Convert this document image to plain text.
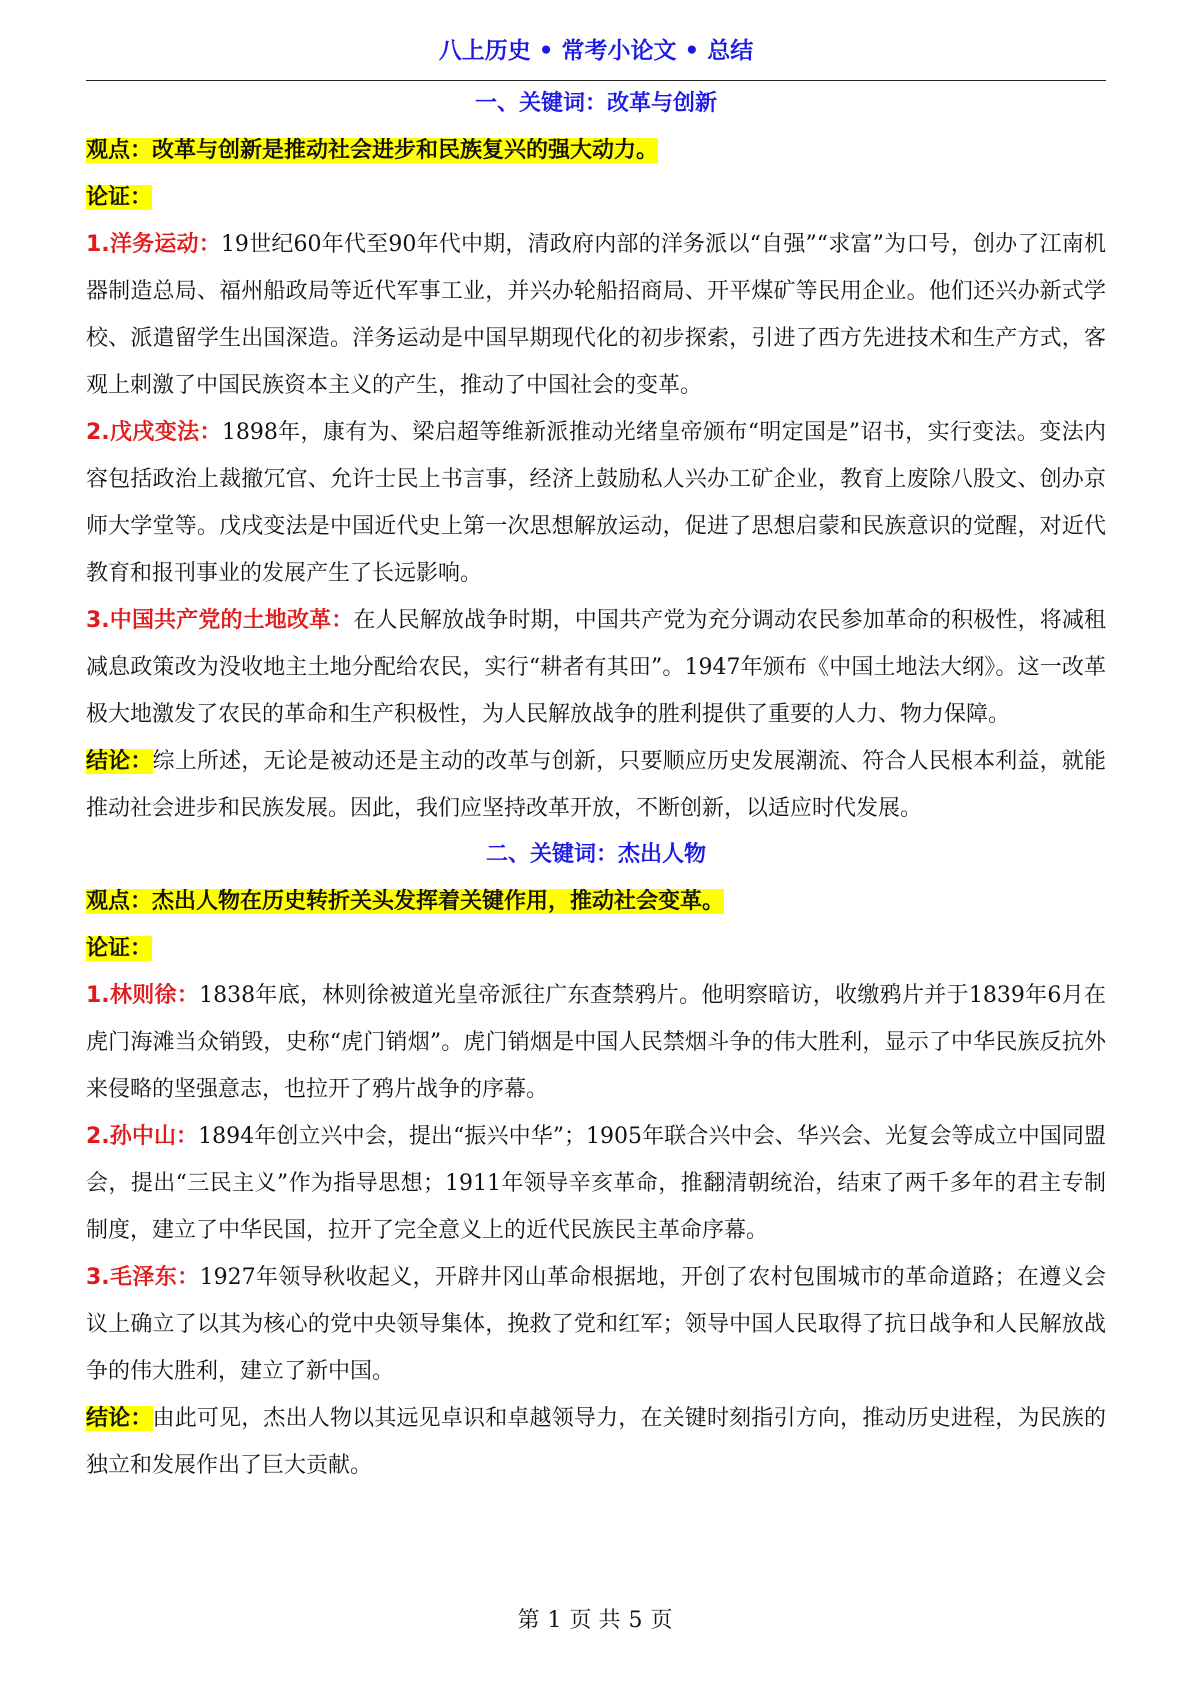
八上历史 • 常考小论文 • 总结
一、关键词：改革与创新

观点：改革与创新是推动社会进步和民族复兴的强大动力。

论证：

1.洋务运动：19世纪60年代至90年代中期，清政府内部的洋务派以“自强”“求富”为口号，创办了江南机器制造总局、福州船政局等近代军事工业，并兴办轮船招商局、开平煤矿等民用企业。他们还兴办新式学校、派遣留学生出国深造。洋务运动是中国早期现代化的初步探索，引进了西方先进技术和生产方式，客观上刺激了中国民族资本主义的产生，推动了中国社会的变革。

2.戊戌变法：1898年，康有为、梁启超等维新派推动光绪皇帝颁布“明定国是”诏书，实行变法。变法内容包括政治上裁撤冗官、允许士民上书言事，经济上鼓励私人兴办工矿企业，教育上废除八股文、创办京师大学堂等。戊戌变法是中国近代史上第一次思想解放运动，促进了思想启蒙和民族意识的觉醒，对近代教育和报刊事业的发展产生了长远影响。

3.中国共产党的土地改革：在人民解放战争时期，中国共产党为充分调动农民参加革命的积极性，将减租减息政策改为没收地主土地分配给农民，实行“耕者有其田”。1947年颁布《中国土地法大纲》。这一改革极大地激发了农民的革命和生产积极性，为人民解放战争的胜利提供了重要的人力、物力保障。

结论：综上所述，无论是被动还是主动的改革与创新，只要顺应历史发展潮流、符合人民根本利益，就能推动社会进步和民族发展。因此，我们应坚持改革开放，不断创新，以适应时代发展。

二、关键词：杰出人物

观点：杰出人物在历史转折关头发挥着关键作用，推动社会变革。

论证：

1.林则徐：1838年底，林则徐被道光皇帝派往广东查禁鸦片。他明察暗访，收缴鸦片并于1839年6月在虎门海滩当众销毁，史称“虎门销烟”。虎门销烟是中国人民禁烟斗争的伟大胜利，显示了中华民族反抗外来侵略的坚强意志，也拉开了鸦片战争的序幕。

2.孙中山：1894年创立兴中会，提出“振兴中华”；1905年联合兴中会、华兴会、光复会等成立中国同盟会，提出“三民主义”作为指导思想；1911年领导辛亥革命，推翻清朝统治，结束了两千多年的君主专制制度，建立了中华民国，拉开了完全意义上的近代民族民主革命序幕。

3.毛泽东：1927年领导秋收起义，开辟井冈山革命根据地，开创了农村包围城市的革命道路；在遵义会议上确立了以其为核心的党中央领导集体，挽救了党和红军；领导中国人民取得了抗日战争和人民解放战争的伟大胜利，建立了新中国。

结论：由此可见，杰出人物以其远见卓识和卓越领导力，在关键时刻指引方向，推动历史进程，为民族的独立和发展作出了巨大贡献。

第 1 页 共 5 页
